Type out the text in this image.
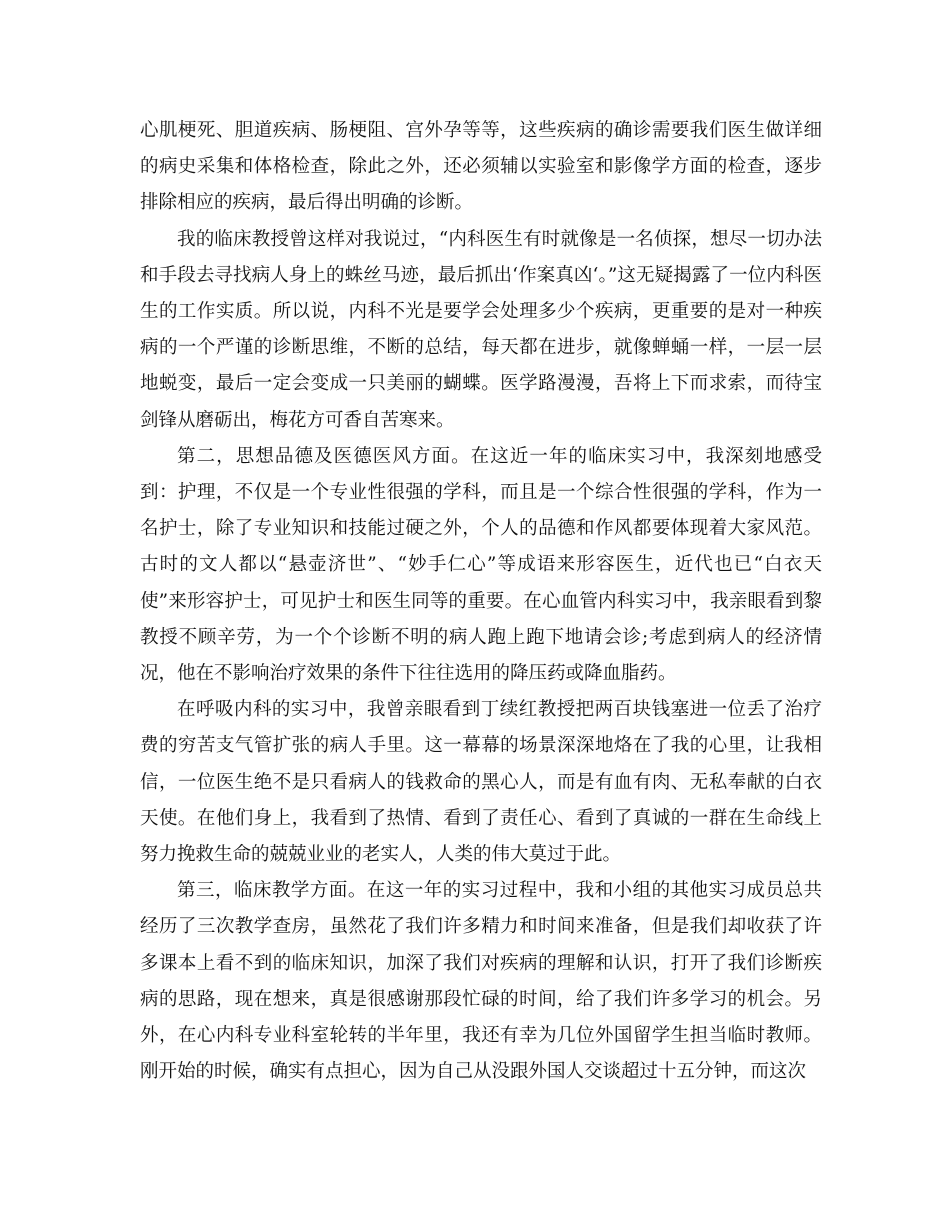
心肌梗死、胆道疾病、肠梗阻、宫外孕等等，这些疾病的确诊需要我们医生做详细的病史采集和体格检查，除此之外，还必须辅以实验室和影像学方面的检查，逐步排除相应的疾病，最后得出明确的诊断。

我的临床教授曾这样对我说过，“内科医生有时就像是一名侦探，想尽一切办法和手段去寻找病人身上的蛛丝马迹，最后抓出‘作案真凶‘。”这无疑揭露了一位内科医生的工作实质。所以说，内科不光是要学会处理多少个疾病，更重要的是对一种疾病的一个严谨的诊断思维，不断的总结，每天都在进步，就像蝉蛹一样，一层一层地蜕变，最后一定会变成一只美丽的蝴蝶。医学路漫漫，吾将上下而求索，而待宝剑锋从磨砺出，梅花方可香自苦寒来。

第二，思想品德及医德医风方面。在这近一年的临床实习中，我深刻地感受到：护理，不仅是一个专业性很强的学科，而且是一个综合性很强的学科，作为一名护士，除了专业知识和技能过硬之外，个人的品德和作风都要体现着大家风范。古时的文人都以“悬壶济世”、“妙手仁心”等成语来形容医生，近代也已“白衣天使”来形容护士，可见护士和医生同等的重要。在心血管内科实习中，我亲眼看到黎教授不顾辛劳，为一个个诊断不明的病人跑上跑下地请会诊;考虑到病人的经济情况，他在不影响治疗效果的条件下往往选用的降压药或降血脂药。

在呼吸内科的实习中，我曾亲眼看到丁续红教授把两百块钱塞进一位丢了治疗费的穷苦支气管扩张的病人手里。这一幕幕的场景深深地烙在了我的心里，让我相信，一位医生绝不是只看病人的钱救命的黑心人，而是有血有肉、无私奉献的白衣天使。在他们身上，我看到了热情、看到了责任心、看到了真诚的一群在生命线上努力挽救生命的兢兢业业的老实人，人类的伟大莫过于此。

第三，临床教学方面。在这一年的实习过程中，我和小组的其他实习成员总共经历了三次教学查房，虽然花了我们许多精力和时间来准备，但是我们却收获了许多课本上看不到的临床知识，加深了我们对疾病的理解和认识，打开了我们诊断疾病的思路，现在想来，真是很感谢那段忙碌的时间，给了我们许多学习的机会。另外，在心内科专业科室轮转的半年里，我还有幸为几位外国留学生担当临时教师。刚开始的时候，确实有点担心，因为自己从没跟外国人交谈超过十五分钟，而这次
